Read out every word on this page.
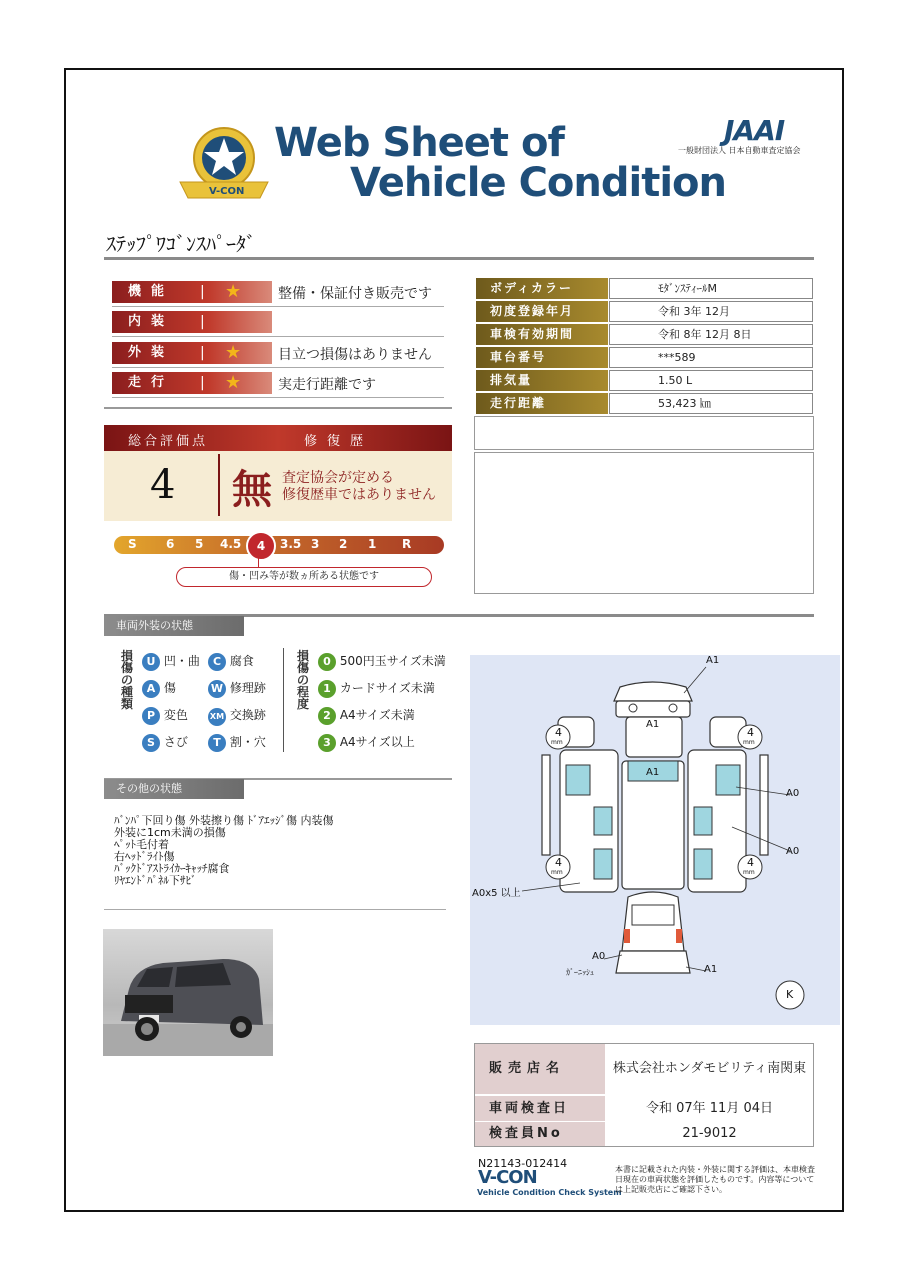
V-CON
Web Sheet of
Vehicle Condition
JAAI
一般財団法人 日本自動車査定協会
ｽﾃｯﾌﾟﾜｺﾞﾝｽﾊﾟｰﾀﾞ
機能	| ★	整備・保証付き販売です
内装	|
外装	| ★	目立つ損傷はありません
走行	| ★	実走行距離です
ボディカラー	ﾓﾀﾞﾝｽﾃｨｰﾙM
初度登録年月	令和 3年 12月
車検有効期間	令和 8年 12月 8日
車台番号	***589
排気量	1.50 L
走行距離	53,423 ㎞
総合評価点	修復歴
4 無 査定協会が定める
修復歴車ではありません
S 6 5 4.5	3.5 3 2 1 R
4
傷・凹み等が数ヵ所ある状態です
車両外装の状態
損傷の種類
U 凹・曲	C 腐食
A 傷	W 修理跡
P 変色	XM 交換跡
S さび	T 割・穴
損傷の程度
0 500円玉サイズ未満
1 カードサイズ未満
2 A4サイズ未満
3 A4サイズ以上
その他の状態
ﾊﾞﾝﾊﾟ下回り傷 外装擦り傷 ﾄﾞｱｴｯｼﾞ傷 内装傷
外装に1cm未満の損傷
ﾍﾟｯﾄ毛付着
右ﾍｯﾄﾞﾗｲﾄ傷
ﾊﾞｯｸﾄﾞｱｽﾄﾗｲｶｰｷｬｯﾁ腐食
ﾘﾔｴﾝﾄﾞﾊﾟﾈﾙ下ｻﾋﾞ
A1
A1
A1
A0
A0
A0x5 以上
A0
ｶﾞｰﾆｯｼｭ	A1
K
4
mm
4
mm
4
mm
4
mm
販売店名	株式会社ホンダモビリティ南関東
車両検査日	令和 07年 11月 04日
検査員No	21-9012
N21143-012414
V-CON
Vehicle Condition Check System
本書に記載された内装・外装に関する評価は、本車検査日現在の車両状態を評価したものです。内容等については上記販売店にご確認下さい。
